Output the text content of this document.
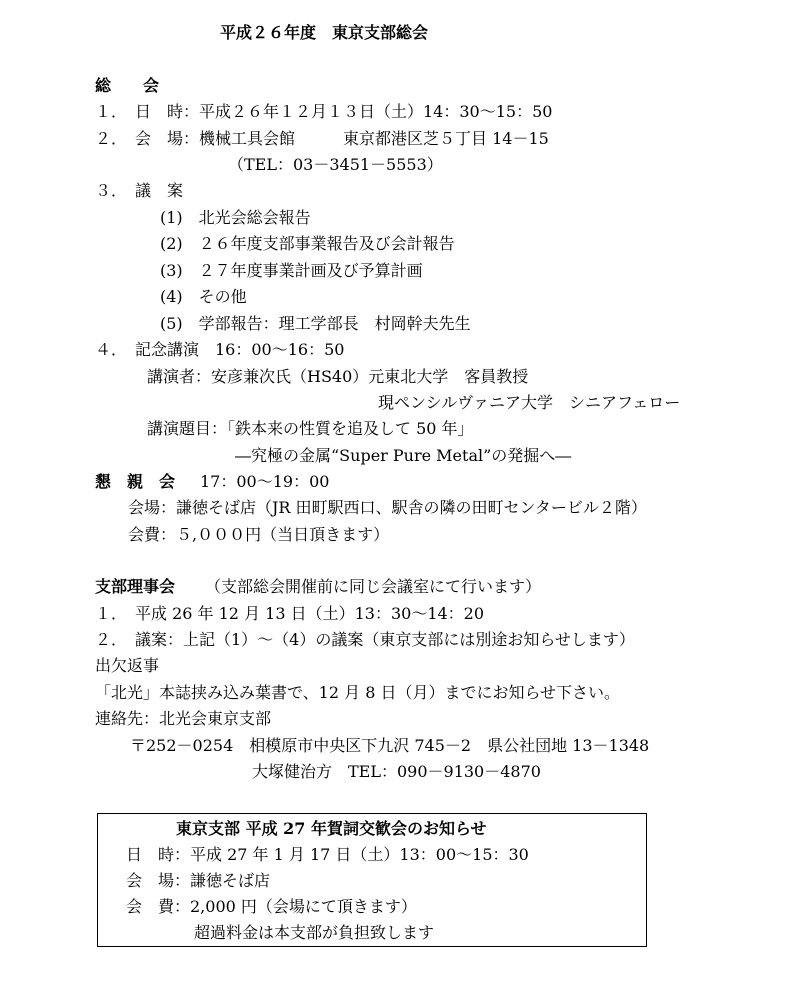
平成２６年度　東京支部総会
総　　会
１．　日　時：平成２６年１２月１３日（土）14：30～15：50
２．　会　場：機械工具会館　　　東京都港区芝５丁目 14－15
（TEL：03－3451－5553）
３．　議　案
(1)　北光会総会報告
(2)　２６年度支部事業報告及び会計報告
(3)　２７年度事業計画及び予算計画
(4)　その他
(5)　学部報告：理工学部長　村岡幹夫先生
４．　記念講演　16：00～16：50
講演者：安彦兼次氏（HS40）元東北大学　客員教授
現ペンシルヴァニア大学　シニアフェロー
講演題目：「鉄本来の性質を追及して 50 年」
―究極の金属“Super Pure Metal”の発掘へ―
懇　親　会 17：00～19：00
会場：謙徳そば店（JR 田町駅西口、駅舎の隣の田町センタービル２階）
会費：５,０００円（当日頂きます）
支部理事会 （支部総会開催前に同じ会議室にて行います）
１．　平成 26 年 12 月 13 日（土）13：30～14：20
２．　議案：上記（1）～（4）の議案（東京支部には別途お知らせします）
出欠返事
「北光」本誌挟み込み葉書で、12 月 8 日（月）までにお知らせ下さい。
連絡先：北光会東京支部
〒252－0254　相模原市中央区下九沢 745－2　県公社団地 13－1348
大塚健治方　TEL：090－9130－4870
東京支部 平成 27 年賀詞交歓会のお知らせ
日　時：平成 27 年 1 月 17 日（土）13：00～15：30
会　場：謙徳そば店
会　費：2,000 円（会場にて頂きます）
超過料金は本支部が負担致します
